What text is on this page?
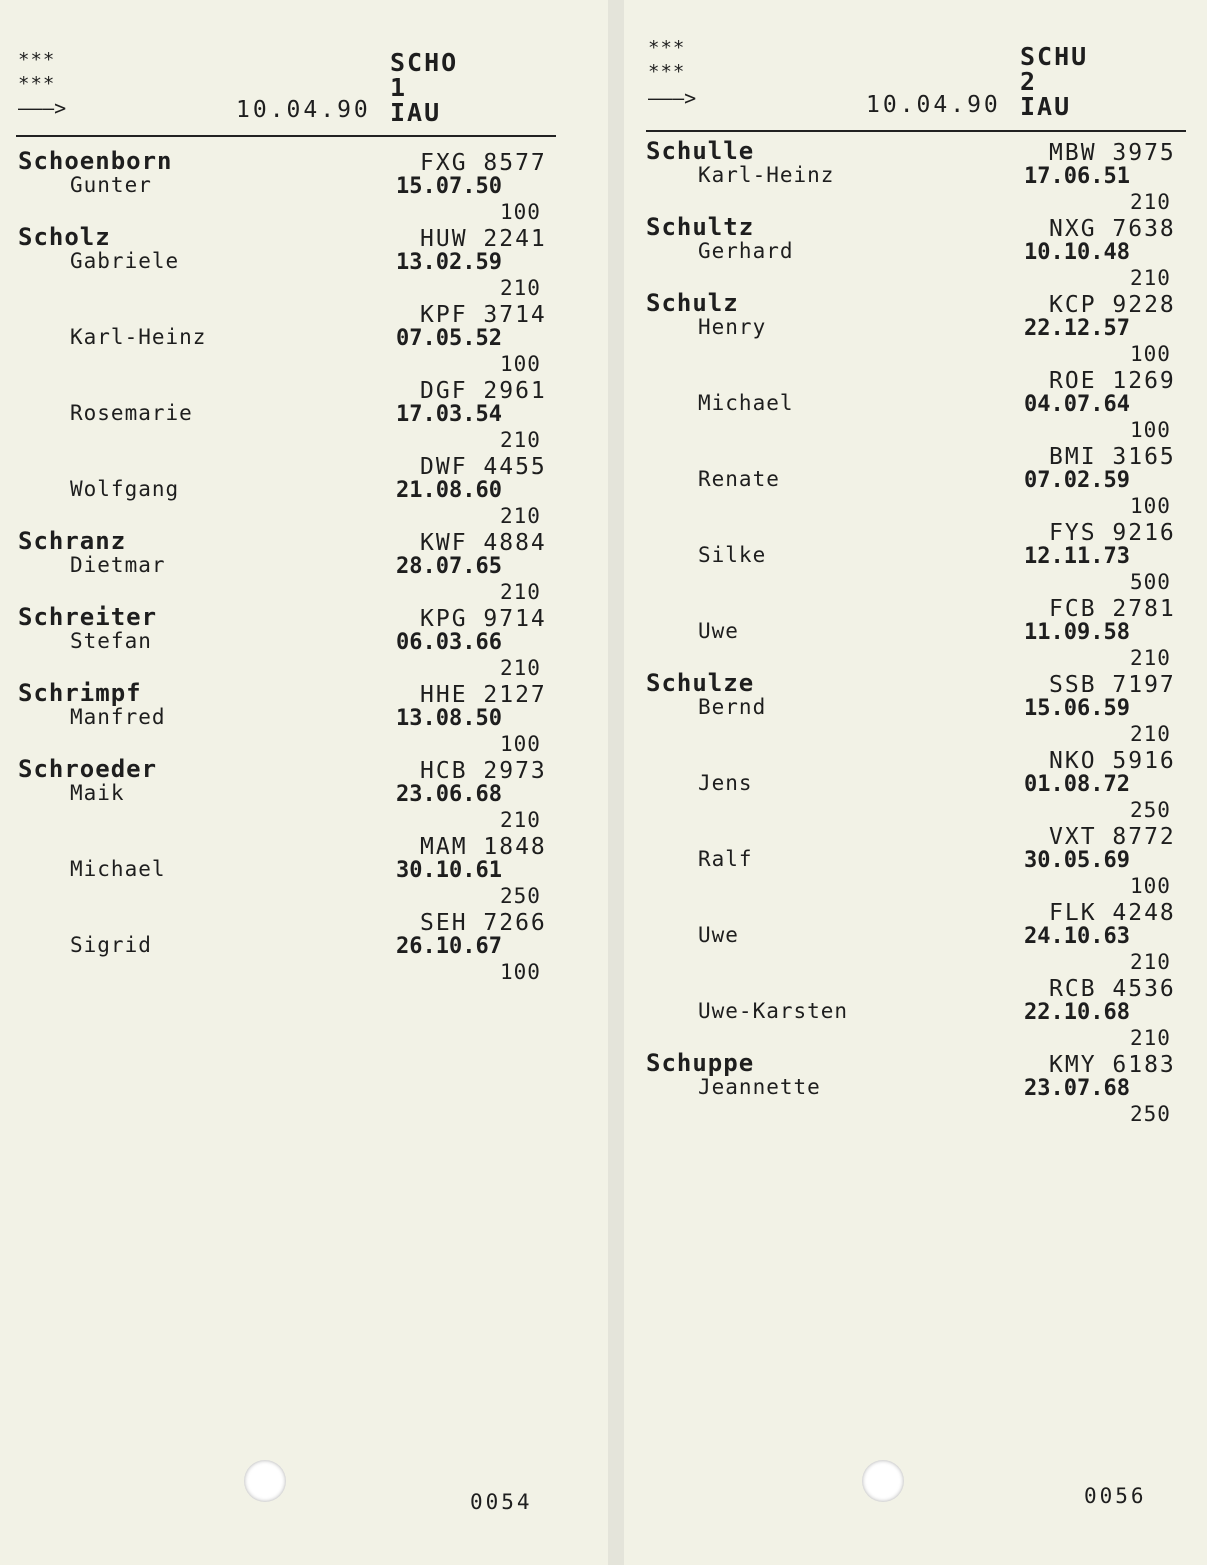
***
***
———>	10.04.90
SCHO
1
IAU
Schoenborn
Gunter
FXG 8577
15.07.50
100
Scholz
Gabriele
HUW 2241
13.02.59
210
Karl-Heinz
KPF 3714
07.05.52
100
Rosemarie
DGF 2961
17.03.54
210
Wolfgang
DWF 4455
21.08.60
210
Schranz
Dietmar
KWF 4884
28.07.65
210
Schreiter
Stefan
KPG 9714
06.03.66
210
Schrimpf
Manfred
HHE 2127
13.08.50
100
Schroeder
Maik
HCB 2973
23.06.68
210
Michael
MAM 1848
30.10.61
250
Sigrid
SEH 7266
26.10.67
100
0054
***
***
———>	10.04.90
SCHU
2
IAU
Schulle
Karl-Heinz
MBW 3975
17.06.51
210
Schultz
Gerhard
NXG 7638
10.10.48
210
Schulz
Henry
KCP 9228
22.12.57
100
Michael
ROE 1269
04.07.64
100
Renate
BMI 3165
07.02.59
100
Silke
FYS 9216
12.11.73
500
Uwe
FCB 2781
11.09.58
210
Schulze
Bernd
SSB 7197
15.06.59
210
Jens
NKO 5916
01.08.72
250
Ralf
VXT 8772
30.05.69
100
Uwe
FLK 4248
24.10.63
210
Uwe-Karsten
RCB 4536
22.10.68
210
Schuppe
Jeannette
KMY 6183
23.07.68
250
0056
